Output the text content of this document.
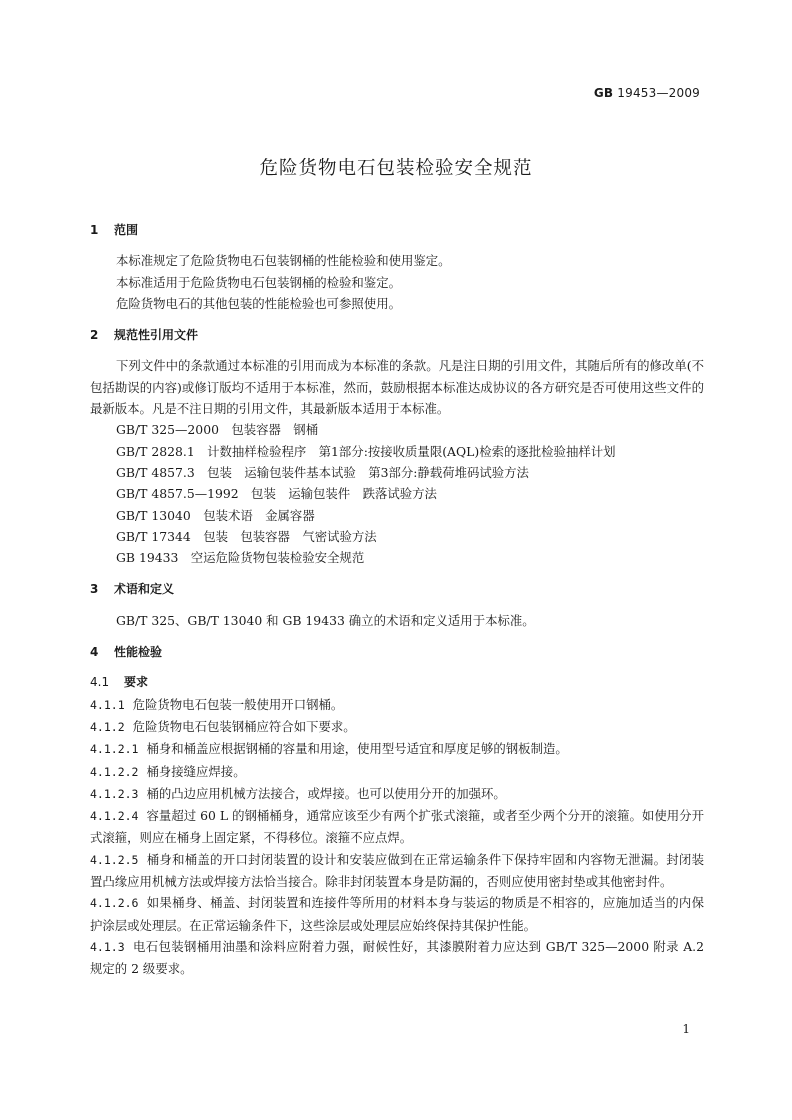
GB 19453—2009
危险货物电石包装检验安全规范
1 范围

本标准规定了危险货物电石包装钢桶的性能检验和使用鉴定。

本标准适用于危险货物电石包装钢桶的检验和鉴定。

危险货物电石的其他包装的性能检验也可参照使用。

2 规范性引用文件

下列文件中的条款通过本标准的引用而成为本标准的条款。凡是注日期的引用文件，其随后所有的修改单(不包括勘误的内容)或修订版均不适用于本标准，然而，鼓励根据本标准达成协议的各方研究是否可使用这些文件的最新版本。凡是不注日期的引用文件，其最新版本适用于本标准。

GB/T 325—2000　包装容器　钢桶
GB/T 2828.1　计数抽样检验程序　第1部分:按接收质量限(AQL)检索的逐批检验抽样计划
GB/T 4857.3　包装　运输包装件基本试验　第3部分:静载荷堆码试验方法
GB/T 4857.5—1992　包装　运输包装件　跌落试验方法
GB/T 13040　包装术语　金属容器
GB/T 17344　包装　包装容器　气密试验方法
GB 19433　空运危险货物包装检验安全规范
3 术语和定义

GB/T 325、GB/T 13040 和 GB 19433 确立的术语和定义适用于本标准。

4 性能检验
4.1 要求

4.1.1 危险货物电石包装一般使用开口钢桶。

4.1.2 危险货物电石包装钢桶应符合如下要求。

4.1.2.1 桶身和桶盖应根据钢桶的容量和用途，使用型号适宜和厚度足够的钢板制造。

4.1.2.2 桶身接缝应焊接。

4.1.2.3 桶的凸边应用机械方法接合，或焊接。也可以使用分开的加强环。

4.1.2.4 容量超过 60 L 的钢桶桶身，通常应该至少有两个扩张式滚箍，或者至少两个分开的滚箍。如使用分开式滚箍，则应在桶身上固定紧，不得移位。滚箍不应点焊。

4.1.2.5 桶身和桶盖的开口封闭装置的设计和安装应做到在正常运输条件下保持牢固和内容物无泄漏。封闭装置凸缘应用机械方法或焊接方法恰当接合。除非封闭装置本身是防漏的，否则应使用密封垫或其他密封件。

4.1.2.6 如果桶身、桶盖、封闭装置和连接件等所用的材料本身与装运的物质是不相容的，应施加适当的内保护涂层或处理层。在正常运输条件下，这些涂层或处理层应始终保持其保护性能。

4.1.3 电石包装钢桶用油墨和涂料应附着力强，耐候性好，其漆膜附着力应达到 GB/T 325—2000 附录 A.2 规定的 2 级要求。

1
